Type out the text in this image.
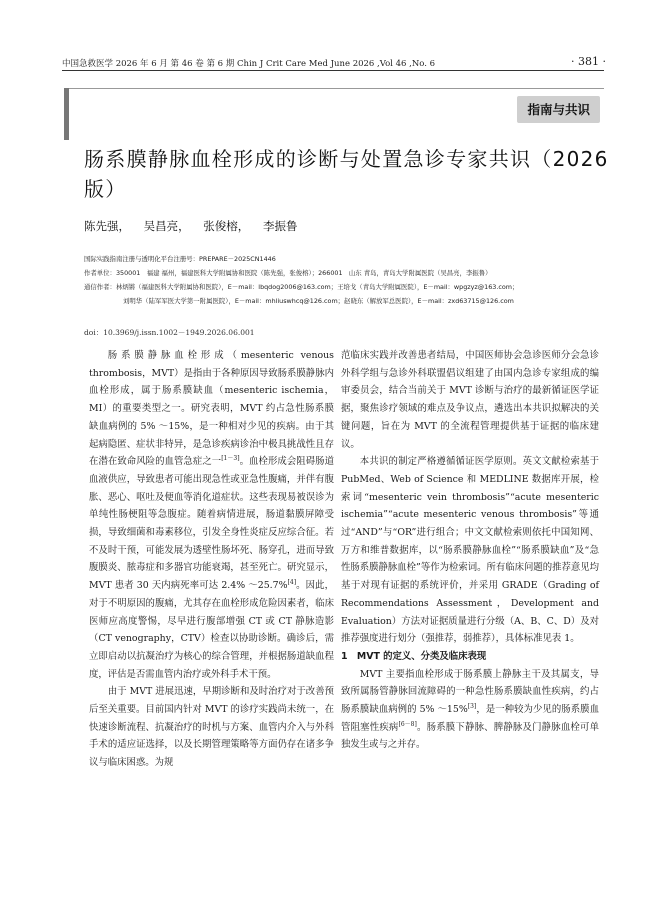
中国急救医学 2026 年 6 月 第 46 卷 第 6 期 Chin J Crit Care Med June 2026 ,Vol 46 ,No. 6	· 381 ·
指南与共识
肠系膜静脉血栓形成的诊断与处置急诊专家共识（2026 版）
陈先强， 吴昌亮， 张俊榕， 李振鲁
国际实践指南注册与透明化平台注册号：PREPARE－2025CN1446
作者单位：350001　福建 福州，福建医科大学附属协和医院（陈先强，张俊榕）；266001　山东 青岛，青岛大学附属医院（吴昌亮，李振鲁）
通信作者：林炳锵（福建医科大学附属协和医院），E－mail：lbqdog2006@163.com；王培戈（青岛大学附属医院），E－mail：wpgzyz@163.com；
刘明华（陆军军医大学第一附属医院），E－mail：mhliuswhcq@126.com；赵晓东（解放军总医院），E－mail：zxd63715@126.com
doi：10.3969/j.issn.1002－1949.2026.06.001

肠系膜静脉血栓形成（mesenteric venous thrombosis，MVT）是指由于各种原因导致肠系膜静脉内血栓形成，属于肠系膜缺血（mesenteric ischemia，MI）的重要类型之一。研究表明，MVT 约占急性肠系膜缺血病例的 5% ～15%，是一种相对少见的疾病。由于其起病隐匿、症状非特异，是急诊疾病诊治中极具挑战性且存在潜在致命风险的血管急症之一[1－3]。血栓形成会阻碍肠道血液供应，导致患者可能出现急性或亚急性腹痛，并伴有腹胀、恶心、呕吐及便血等消化道症状。这些表现易被误诊为单纯性肠梗阻等急腹症。随着病情进展，肠道黏膜屏障受损，导致细菌和毒素移位，引发全身性炎症反应综合征。若不及时干预，可能发展为透壁性肠坏死、肠穿孔，进而导致腹膜炎、脓毒症和多器官功能衰竭，甚至死亡。研究显示，MVT 患者 30 天内病死率可达 2.4% ～25.7%[4]。因此，对于不明原因的腹痛，尤其存在血栓形成危险因素者，临床医师应高度警惕，尽早进行腹部增强 CT 或 CT 静脉造影（CT venography，CTV）检查以协助诊断。确诊后，需立即启动以抗凝治疗为核心的综合管理，并根据肠道缺血程度，评估是否需血管内治疗或外科手术干预。

由于 MVT 进展迅速，早期诊断和及时治疗对于改善预后至关重要。目前国内针对 MVT 的诊疗实践尚未统一，在快速诊断流程、抗凝治疗的时机与方案、血管内介入与外科手术的适应证选择，以及长期管理策略等方面仍存在诸多争议与临床困惑。为规

范临床实践并改善患者结局，中国医师协会急诊医师分会急诊外科学组与急诊外科联盟倡议组建了由国内急诊专家组成的编审委员会，结合当前关于 MVT 诊断与治疗的最新循证医学证据，聚焦诊疗领域的难点及争议点，遴选出本共识拟解决的关键问题，旨在为 MVT 的全流程管理提供基于证据的临床建议。

本共识的制定严格遵循循证医学原则。英文文献检索基于 PubMed、Web of Science 和 MEDLINE 数据库开展，检索词“mesenteric vein thrombosis”“acute mesenteric ischemia”“acute mesenteric venous thrombosis”等通过“AND”与“OR”进行组合；中文文献检索则依托中国知网、万方和维普数据库，以“肠系膜静脉血栓”“肠系膜缺血”及“急性肠系膜静脉血栓”等作为检索词。所有临床问题的推荐意见均基于对现有证据的系统评价，并采用 GRADE（Grading of Recommendations Assessment，Development and Evaluation）方法对证据质量进行分级（A、B、C、D）及对推荐强度进行划分（强推荐，弱推荐），具体标准见表 1。

1　MVT 的定义、分类及临床表现

MVT 主要指血栓形成于肠系膜上静脉主干及其属支，导致所属肠管静脉回流障碍的一种急性肠系膜缺血性疾病，约占肠系膜缺血病例的 5% ～15%[3]，是一种较为少见的肠系膜血管阻塞性疾病[6－8]。肠系膜下静脉、脾静脉及门静脉血栓可单独发生或与之并存。
